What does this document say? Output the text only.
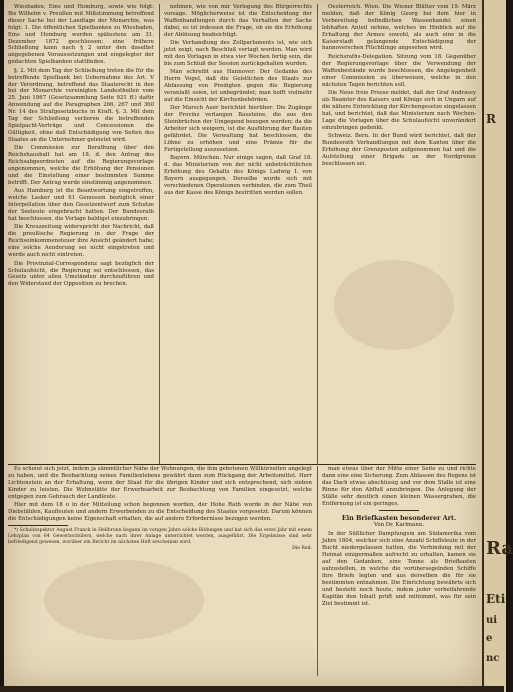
Wiesbaden, Ems und Homburg, sowie wie folgt: Bis Wilhelm v. Preußen mit Mißstimmung betreffend dieser Sache bei der Landtage der Monarchie, was folgt: 1. Die öffentlichen Spielbanken zu Wiesbaden, Ems und Homburg werden spätestens am 31. Dezember 1872 geschlossen; eine frühere Schließung kann nach § 2 unter den daselbst angegebenen Voraussetzungen und eingelegter der gedachten Spielbanken stattfinden.

§. 2. Mit dem Tag der Schließung treten die für die betreffende Spielbank bei Uebernahme des Art. V der Verordnung, betreffend das Staatsrecht in den bei der Monarchie vereinigten Landestheilen vom 25. Juni 1867 (Gesetzsammlung Seite 921 ff.) dafür Anwendung auf die Paragraphen 266, 267 und 360 Nr. 14 des Strafgesetzbuchs in Kraft. §. 3. Mit dem Tag der Schließung verlieren die betreffenden Spielpacht-Verträge und Concessionen die Gültigkeit, ohne daß Entschädigung von Seiten des Staates an die Unternehmer geleistet wird.

Die Commission zur Berathung über den Reichshaushalt hat am 18. d. den Antrag des Reichsabgeordneten auf die Regierungsvorlage angenommen, welche die Erhöhung der Pensionen und die Einstellung einer bestimmten Summe betrifft. Der Antrag wurde einstimmig angenommen.

Aus Hamburg ist die Beantwortung eingetroffen, welche Lasker und 61 Genossen bezüglich einer Interpellation über den Gesetzentwurf zum Schutze der Seeleute eingebracht hatten. Der Bundesrath hat beschlossen, die Vorlage baldigst einzubringen.

Die Kreuzzeitung widerspricht der Nachricht, daß die preußische Regierung in der Frage der Reichseinkommensteuer ihre Ansicht geändert habe; eine solche Aenderung sei nicht eingetreten und werde auch nicht eintreten.

Die Provinzial-Correspondenz sagt bezüglich der Schulaufsicht, die Regierung sei entschlossen, das Gesetz unter allen Umständen durchzuführen und den Widerstand der Opposition zu brechen.

nehmen, wie von mir Verlegung des Bürgerrechts vorsage. Möglicherweise ist die Entscheidung der Waffenhandlungen durch das Verhalten der Sache dabei, es ist indessen die Frage, ob sie die Erhöhung der Ablösung beabsichtigt.

Die Verhandlung des Zollparlaments ist, wie sich jetzt zeigt, nach Beschluß vertagt worden. Man wird mit den Vorlagen in etwa vier Wochen fertig sein, die bis zum Schluß der Session zurückgehalten wurden.

Man schreibt aus Hannover: Der Gedanke des Herrn Vogel, daß die Geistlichen des Staats zur Abfassung von Predigten gegen die Regierung veranlaßt seien, ist unbegründet; man hofft vielmehr auf die Einsicht der Kirchenbehörden.

Der Marsch Auer berichtet hierüber: Die Zugänge der Provinz verlangen Bausteine, die aus den Steinbrüchen der Umgegend bezogen werden; da die Arbeiter sich weigern, ist die Ausführung der Bauten gefährdet. Die Verwaltung hat beschlossen, die Löhne zu erhöhen und eine Prämie für die Fertigstellung auszusetzen.

Bayern. München. Nur einige sagen, daß Graf 18. d. das Ministerium von der nicht unbeträchtlichen Erhöhung des Gehalts des Königs Ludwig I. von Bayern ausgegangen. Derselbe wurde sich mit verschiedenen Operationen verbinden, die zum Theil aus der Kasse des Königs bestritten werden sollen.

Oesterreich. Wien. Die Wiener Blätter vom 19. März melden, daß der König Georg bei dem hier in Vorbereitung befindlichen Wassenhandel einen lebhaften Anteil nehme, welches im Hinblick auf die Erhaltung der Armee sowohl, als auch eine in die Kaiserstadt gelangende Entschädigung der hannoverschen Flüchtlinge angesehen wird.

Reichsraths-Delegation. Sitzung vom 18. Gegenüber der Regierungsvorlage über die Verwendung der Waffenbestände wurde beschlossen, die Angelegenheit einer Commission zu überweisen, welche in den nächsten Tagen berichten soll.

Die Neue freie Presse meldet, daß der Graf Andrassy als Beamter des Kaisers und Königs sich in Ungarn auf die nähere Entwicklung der Kirchengesetze eingelassen hat, und berichtet, daß das Ministerium nach Wochen-Lage die Vorlagen über die Schulaufsicht unverändert einzubringen gedenkt.

Schweiz. Bern. In der Bund wird berichtet, daß der Bundesrath Verhandlungen mit dem Kanton über die Erhöhung der Grenzposten aufgenommen hat und die Aufstellung einer Brigade an der Nordgrenze beschlossen sei.

Es scheint sich jetzt, indem ja sämmtlicher Nähe der Wohnungen, die ihm gebotenen Willkürzeiten angelegt zu haben, und die Beobachtung seines Familienlebens gewährt dann zum Rückgang der Arbeitsmittel. Herr Lichtenstein an der Erhaltung, wenn der Staat für die übrigen Kinder und sich entsprechend, sich sieben Kinder zu leisten. Die Wohnstätte der Erwerbsarbeit zur Beobachtung von Familien eingesetzt, welche entgegen zum Gebrauch der Landleute.

Hier mit dem 18 o in der Mitteilung schon begonnen worden, der Hohe Rath wurde in der Nähe von Diebstählen, Kaufleuten und andern Erwerbenden zu die Entscheidung des Staates vorgesetzt. Darum können die Entschädigungen keine Eigenschaft erhalten, die auf andere Erfordernisse bezogen werden.

*) Schulinspektor August Franck in Heilbronn begann im vorigen Jahre solche Bildungen und hat sich das erste Jahr mit einem Lehrplan von 64 Gewerbschülern, welche nach ihrer Anlage unterrichtet werden, ausgeführt. Die Ergebnisse sind sehr befriedigend gewesen, worüber ein Bericht im nächsten Heft erscheinen wird.

Die Red.

man etwas über der Mitte einer Seite zu und richte dann eine eine Sicherung. Zum Ablassen des Regens ist das Dach etwas abschüssig und vor dem Stalle ist eine Rinne für den Abfluß anzubringen. Die Anlegung der Ställe sehr deutlich einen kleinen Wassergraben, die Entfernung ist ein geringes.

Ein Briefkasten besonderer Art.
Von Dr. Karlmann.

In der Süßlicher Dampfungsin am Südamerika vom Jahre 1804, welcher sich eine Anzahl Schiffsleute in der Bucht niedergelassen hatten, die Verbindung mit der Heimat einigermaßen aufrecht zu erhalten, kamen sie auf den Gedanken, eine Tonne als Briefkasten aufzustellen, in welche die vorübersegelnden Schiffe ihre Briefe legten und aus derselben die für sie bestimmten entnahmen. Die Einrichtung bewährte sich und besteht noch heute, indem jeder vorbeifahrende Kapitän den Inhalt prüft und mitnimmt, was für sein Ziel bestimmt ist.

Ra
R
Eti
ui
e
nc
